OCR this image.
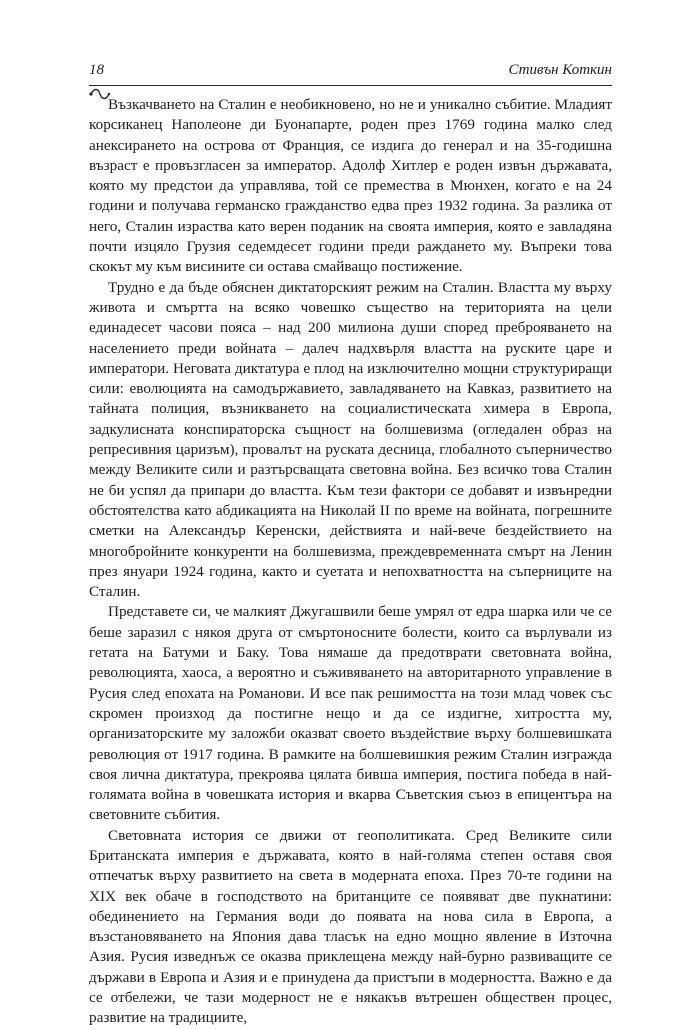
18	Стивън Коткин

Възкачването на Сталин е необикновено, но не и уникално събитие. Младият корсиканец Наполеоне ди Буонапарте, роден през 1769 година малко след анексирането на острова от Франция, се издига до генерал и на 35-годишна възраст е провъзгласен за император. Адолф Хитлер е роден извън държавата, която му предстои да управлява, той се премества в Мюнхен, когато е на 24 години и получава германско гражданство едва през 1932 година. За разлика от него, Сталин израства като верен поданик на своята империя, която е завладяна почти изцяло Грузия седемдесет години преди раждането му. Въпреки това скокът му към висините си остава смайващо постижение.

Трудно е да бъде обяснен диктаторският режим на Сталин. Властта му върху живота и смъртта на всяко човешко същество на територията на цели единадесет часови пояса – над 200 милиона души според преброяването на населението преди войната – далеч надхвърля властта на руските царе и императори. Неговата диктатура е плод на изключително мощни структуриращи сили: еволюцията на самодържавието, завладяването на Кавказ, развитието на тайната полиция, възникването на социалистическата химера в Европа, задкулисната конспираторска същност на болшевизма (огледален образ на репресивния царизъм), провалът на руската десница, глобалното съперничество между Великите сили и разтърсващата световна война. Без всичко това Сталин не би успял да припари до властта. Към тези фактори се добавят и извънредни обстоятелства като абдикацията на Николай II по време на войната, погрешните сметки на Александър Керенски, действията и най-вече бездействието на многобройните конкуренти на болшевизма, преждевременната смърт на Ленин през януари 1924 година, както и суетата и непохватността на съперниците на Сталин.

Представете си, че малкият Джугашвили беше умрял от едра шарка или че се беше заразил с някоя друга от смъртоносните болести, които са върлували из гетата на Батуми и Баку. Това нямаше да предотврати световната война, революцията, хаоса, а вероятно и съживяването на авторитарното управление в Русия след епохата на Романови. И все пак решимостта на този млад човек със скромен произход да постигне нещо и да се издигне, хитростта му, организаторските му заложби оказват своето въздействие върху болшевишката революция от 1917 година. В рамките на болшевишкия режим Сталин изгражда своя лична диктатура, прекроява цялата бивша империя, постига победа в най-голямата война в човешката история и вкарва Съветския съюз в епицентъра на световните събития.

Световната история се движи от геополитиката. Сред Великите сили Британската империя е държавата, която в най-голяма степен оставя своя отпечатък върху развитието на света в модерната епоха. През 70-те години на XIX век обаче в господството на британците се появяват две пукнатини: обединението на Германия води до появата на нова сила в Европа, а възстановяването на Япония дава тласък на едно мощно явление в Източна Азия. Русия изведнъж се оказва приклещена между най-бурно развиващите се държави в Европа и Азия и е принудена да пристъпи в модерността. Важно е да се отбележи, че тази модерност не е някакъв вътрешен обществен процес, развитие на традициите,
